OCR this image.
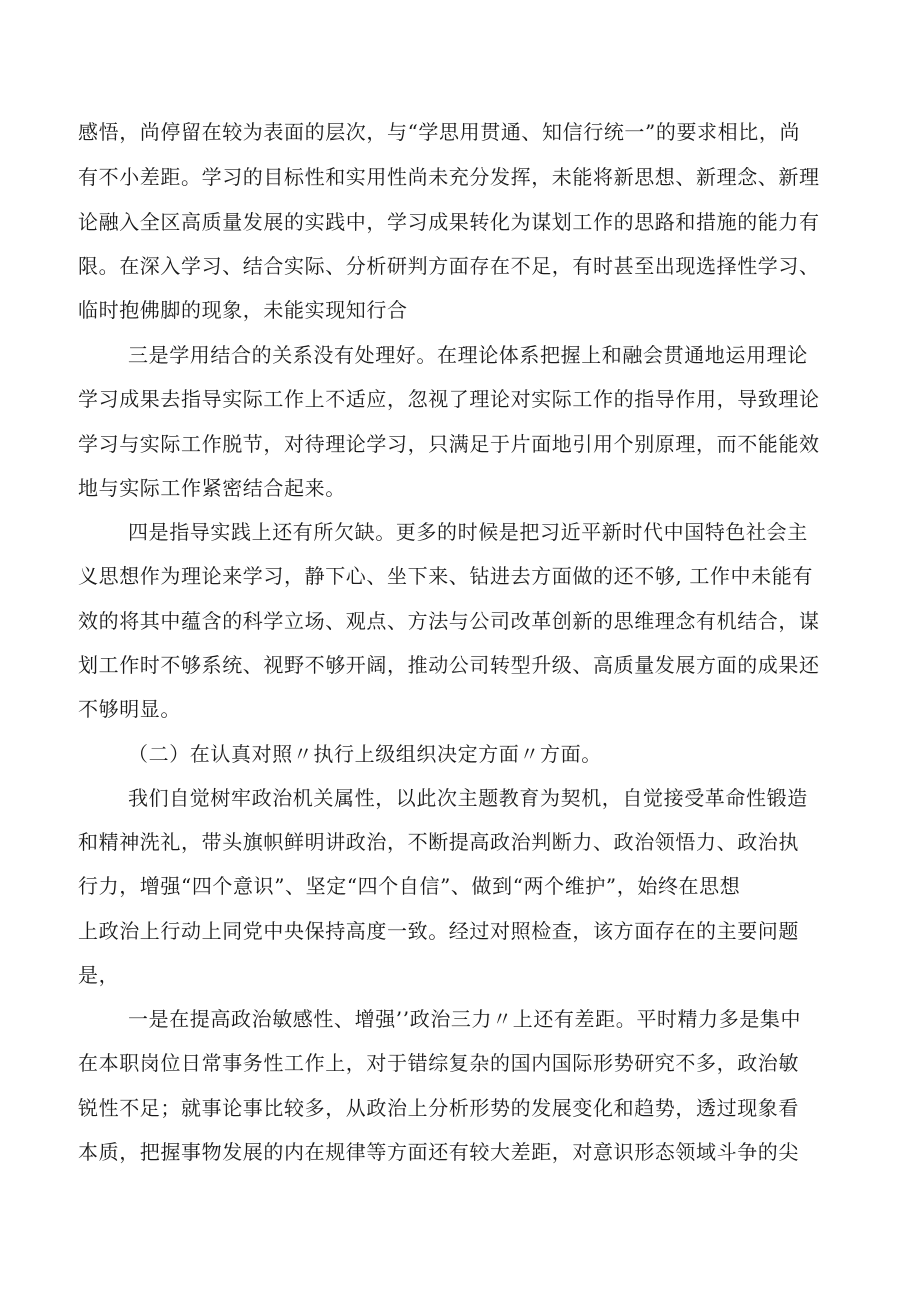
感悟，尚停留在较为表面的层次，与“学思用贯通、知信行统一”的要求相比，尚
有不小差距。学习的目标性和实用性尚未充分发挥，未能将新思想、新理念、新理
论融入全区高质量发展的实践中，学习成果转化为谋划工作的思路和措施的能力有
限。在深入学习、结合实际、分析研判方面存在不足，有时甚至出现选择性学习、
临时抱佛脚的现象，未能实现知行合
三是学用结合的关系没有处理好。在理论体系把握上和融会贯通地运用理论
学习成果去指导实际工作上不适应，忽视了理论对实际工作的指导作用，导致理论
学习与实际工作脱节，对待理论学习，只满足于片面地引用个别原理，而不能能效
地与实际工作紧密结合起来。
四是指导实践上还有所欠缺。更多的时候是把习近平新时代中国特色社会主
义思想作为理论来学习，静下心、坐下来、钻进去方面做的还不够, 工作中未能有
效的将其中蕴含的科学立场、观点、方法与公司改革创新的思维理念有机结合，谋
划工作时不够系统、视野不够开阔，推动公司转型升级、高质量发展方面的成果还
不够明显。
（二）在认真对照〃执行上级组织决定方面〃方面。
我们自觉树牢政治机关属性，以此次主题教育为契机，自觉接受革命性锻造
和精神洗礼，带头旗帜鲜明讲政治，不断提高政治判断力、政治领悟力、政治执
行力，增强“四个意识”、坚定“四个自信”、做到“两个维护”，始终在思想
上政治上行动上同党中央保持高度一致。经过对照检查，该方面存在的主要问题
是，
一是在提高政治敏感性、增强’’政治三力〃上还有差距。平时精力多是集中
在本职岗位日常事务性工作上，对于错综复杂的国内国际形势研究不多，政治敏
锐性不足；就事论事比较多，从政治上分析形势的发展变化和趋势，透过现象看
本质，把握事物发展的内在规律等方面还有较大差距，对意识形态领域斗争的尖
